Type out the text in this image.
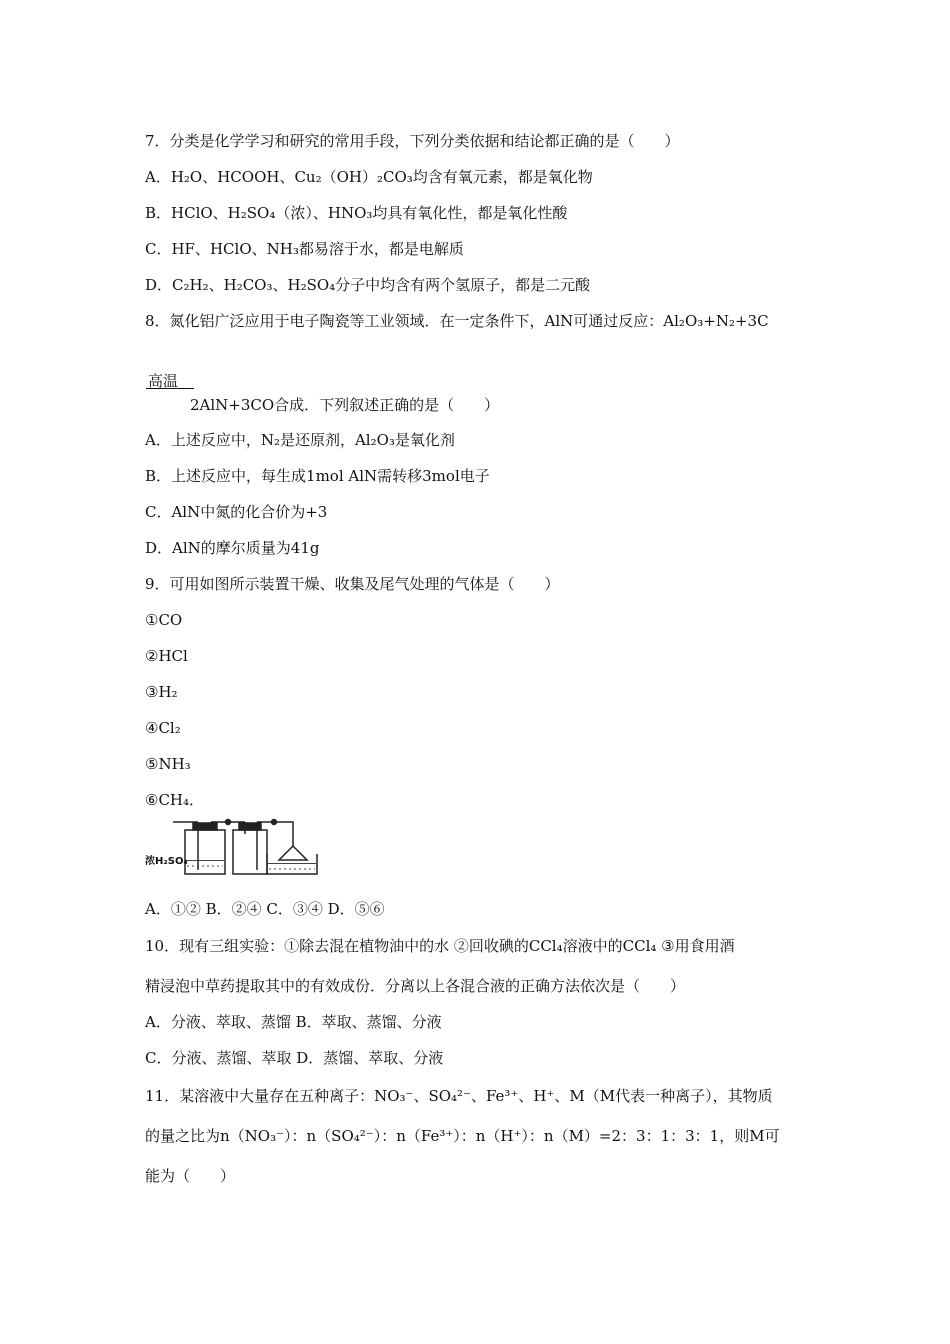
7．分类是化学学习和研究的常用手段，下列分类依据和结论都正确的是（　　）
A．H₂O、HCOOH、Cu₂（OH）₂CO₃均含有氧元素，都是氧化物
B．HClO、H₂SO₄（浓）、HNO₃均具有氧化性，都是氧化性酸
C．HF、HClO、NH₃都易溶于水，都是电解质
D．C₂H₂、H₂CO₃、H₂SO₄分子中均含有两个氢原子，都是二元酸
8．氮化铝广泛应用于电子陶瓷等工业领域．在一定条件下，AlN可通过反应：Al₂O₃+N₂+3C
高温
2AlN+3CO合成．下列叙述正确的是（　　）
A．上述反应中，N₂是还原剂，Al₂O₃是氧化剂
B．上述反应中，每生成1mol AlN需转移3mol电子
C．AlN中氮的化合价为+3
D．AlN的摩尔质量为41g
9．可用如图所示装置干燥、收集及尾气处理的气体是（　　）
①CO
②HCl
③H₂
④Cl₂
⑤NH₃
⑥CH₄．
浓H₂SO₄
A．①② B．②④ C．③④ D．⑤⑥
10．现有三组实验：①除去混在植物油中的水 ②回收碘的CCl₄溶液中的CCl₄ ③用食用酒
精浸泡中草药提取其中的有效成份．分离以上各混合液的正确方法依次是（　　）
A．分液、萃取、蒸馏 B．萃取、蒸馏、分液
C．分液、蒸馏、萃取 D．蒸馏、萃取、分液
11．某溶液中大量存在五种离子：NO₃⁻、SO₄²⁻、Fe³⁺、H⁺、M（M代表一种离子），其物质
的量之比为n（NO₃⁻）：n（SO₄²⁻）：n（Fe³⁺）：n（H⁺）：n（M）=2：3：1：3：1，则M可
能为（　　）
